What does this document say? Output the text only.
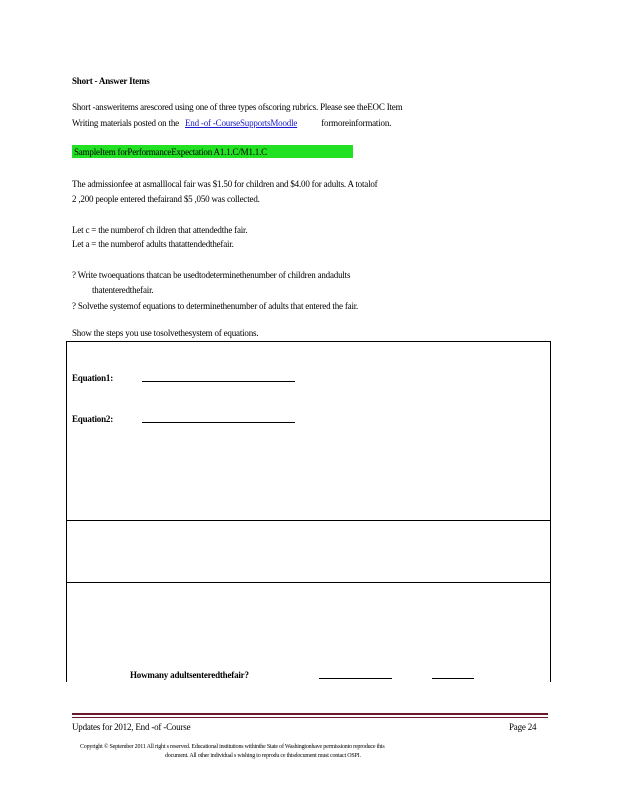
Short - Answer Items
Short -answeritems arescored using one of three types ofscoring rubrics. Please see theEOC Item
Writing materials posted on the End -of -CourseSupportsMoodle	formoreinformation.
SampleItem forPerformanceExpectation A1.1.C/M1.1.C
The admissionfee at asmalllocal fair was $1.50 for children and $4.00 for adults. A totalof
2 ,200 people entered thefairand $5 ,050 was collected.
Let c = the numberof ch ildren that attendedthe fair.
Let a = the numberof adults thatattendedthefair.
? Write twoequations thatcan be usedtodeterminethenumber of children andadults
thatenteredthefair.
? Solvethe systemof equations to determinethenumber of adults that entered the fair.
Show the steps you use tosolvethesystem of equations.
Equation1:
Equation2:
Howmany adultsenteredthefair?
Updates for 2012, End -of -Course	Page 24
Copyright © September 2011 All right s reserved. Educational institutions withinthe State of Washingtonhave permissionto reproduce this
document. All other individual s wishing to reprodu ce thisdocument must contact OSPI.
